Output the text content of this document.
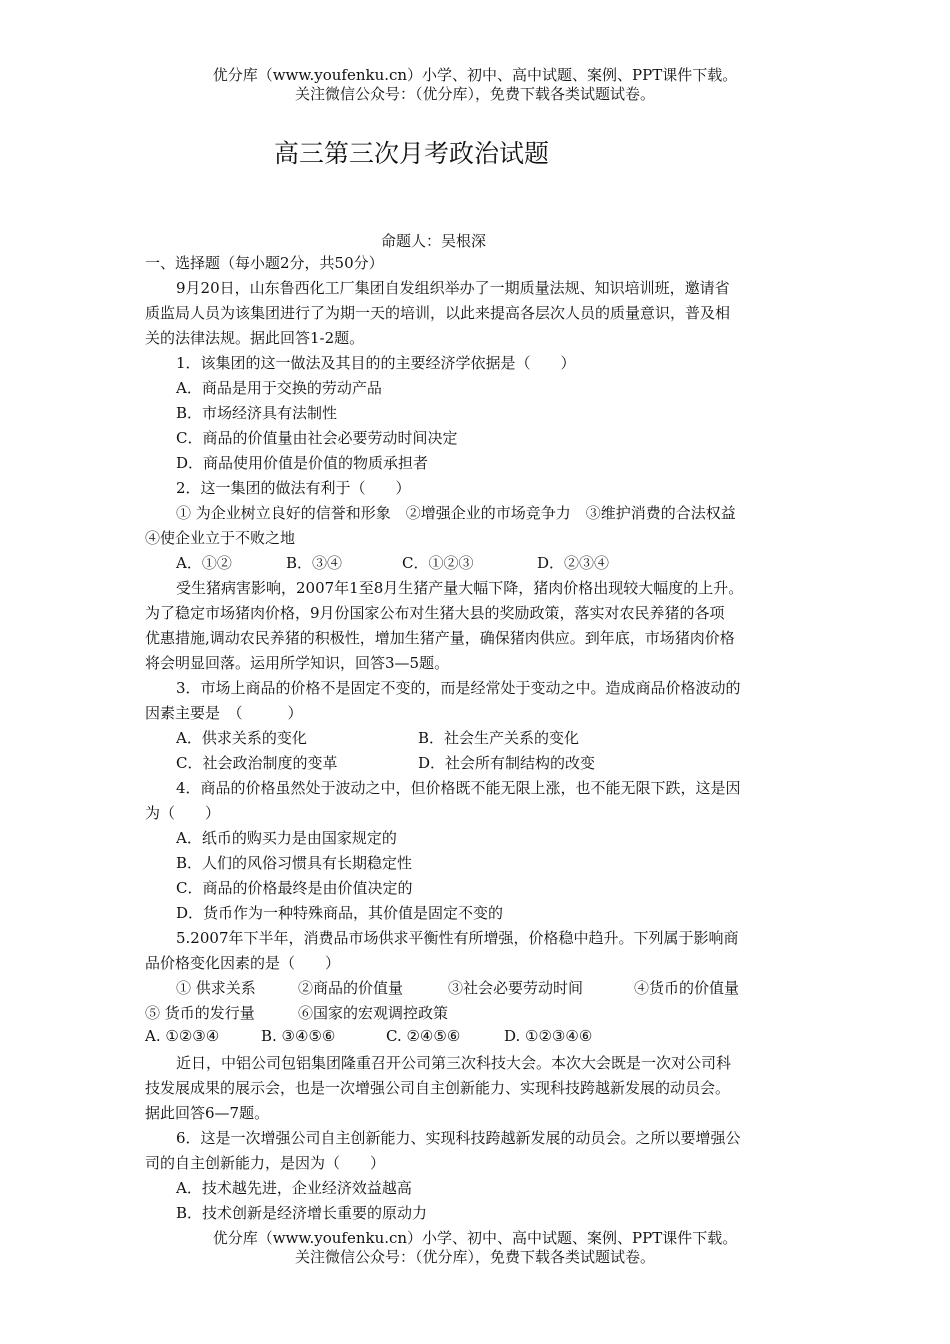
优分库（www.youfenku.cn）小学、初中、高中试题、案例、PPT课件下载。
关注微信公众号：（优分库），免费下载各类试题试卷。
高三第三次月考政治试题
命题人：吴根深
一、选择题（每小题2分，共50分）
9月20日，山东鲁西化工厂集团自发组织举办了一期质量法规、知识培训班，邀请省
质监局人员为该集团进行了为期一天的培训，以此来提高各层次人员的质量意识，普及相
关的法律法规。据此回答1-2题。
1．该集团的这一做法及其目的的主要经济学依据是（　　）
A．商品是用于交换的劳动产品
B．市场经济具有法制性
C．商品的价值量由社会必要劳动时间决定
D．商品使用价值是价值的物质承担者
2．这一集团的做法有利于（　　）
① 为企业树立良好的信誉和形象　②增强企业的市场竞争力　③维护消费的合法权益
④使企业立于不败之地
A．①②	B．③④	C．①②③	D．②③④
受生猪病害影响，2007年1至8月生猪产量大幅下降，猪肉价格出现较大幅度的上升。
为了稳定市场猪肉价格，9月份国家公布对生猪大县的奖励政策，落实对农民养猪的各项
优惠措施,调动农民养猪的积极性，增加生猪产量，确保猪肉供应。到年底，市场猪肉价格
将会明显回落。运用所学知识，回答3—5题。
3．市场上商品的价格不是固定不变的，而是经常处于变动之中。造成商品价格波动的
因素主要是　（　　　）
A．供求关系的变化	B．社会生产关系的变化
C．社会政治制度的变革	D．社会所有制结构的改变
4．商品的价格虽然处于波动之中，但价格既不能无限上涨，也不能无限下跌，这是因
为（　　）
A．纸币的购买力是由国家规定的
B．人们的风俗习惯具有长期稳定性
C．商品的价格最终是由价值决定的
D．货币作为一种特殊商品，其价值是固定不变的
5.2007年下半年，消费品市场供求平衡性有所增强，价格稳中趋升。下列属于影响商
品价格变化因素的是（　　）
① 供求关系	②商品的价值量	③社会必要劳动时间	④货币的价值量
⑤ 货币的发行量	⑥国家的宏观调控政策
A. ①②③④	B. ③④⑤⑥	C. ②④⑤⑥	D. ①②③④⑥
近日，中铝公司包铝集团隆重召开公司第三次科技大会。本次大会既是一次对公司科
技发展成果的展示会，也是一次增强公司自主创新能力、实现科技跨越新发展的动员会。
据此回答6—7题。
6．这是一次增强公司自主创新能力、实现科技跨越新发展的动员会。之所以要增强公
司的自主创新能力，是因为（　　）
A．技术越先进，企业经济效益越高
B．技术创新是经济增长重要的原动力
优分库（www.youfenku.cn）小学、初中、高中试题、案例、PPT课件下载。
关注微信公众号：（优分库），免费下载各类试题试卷。
